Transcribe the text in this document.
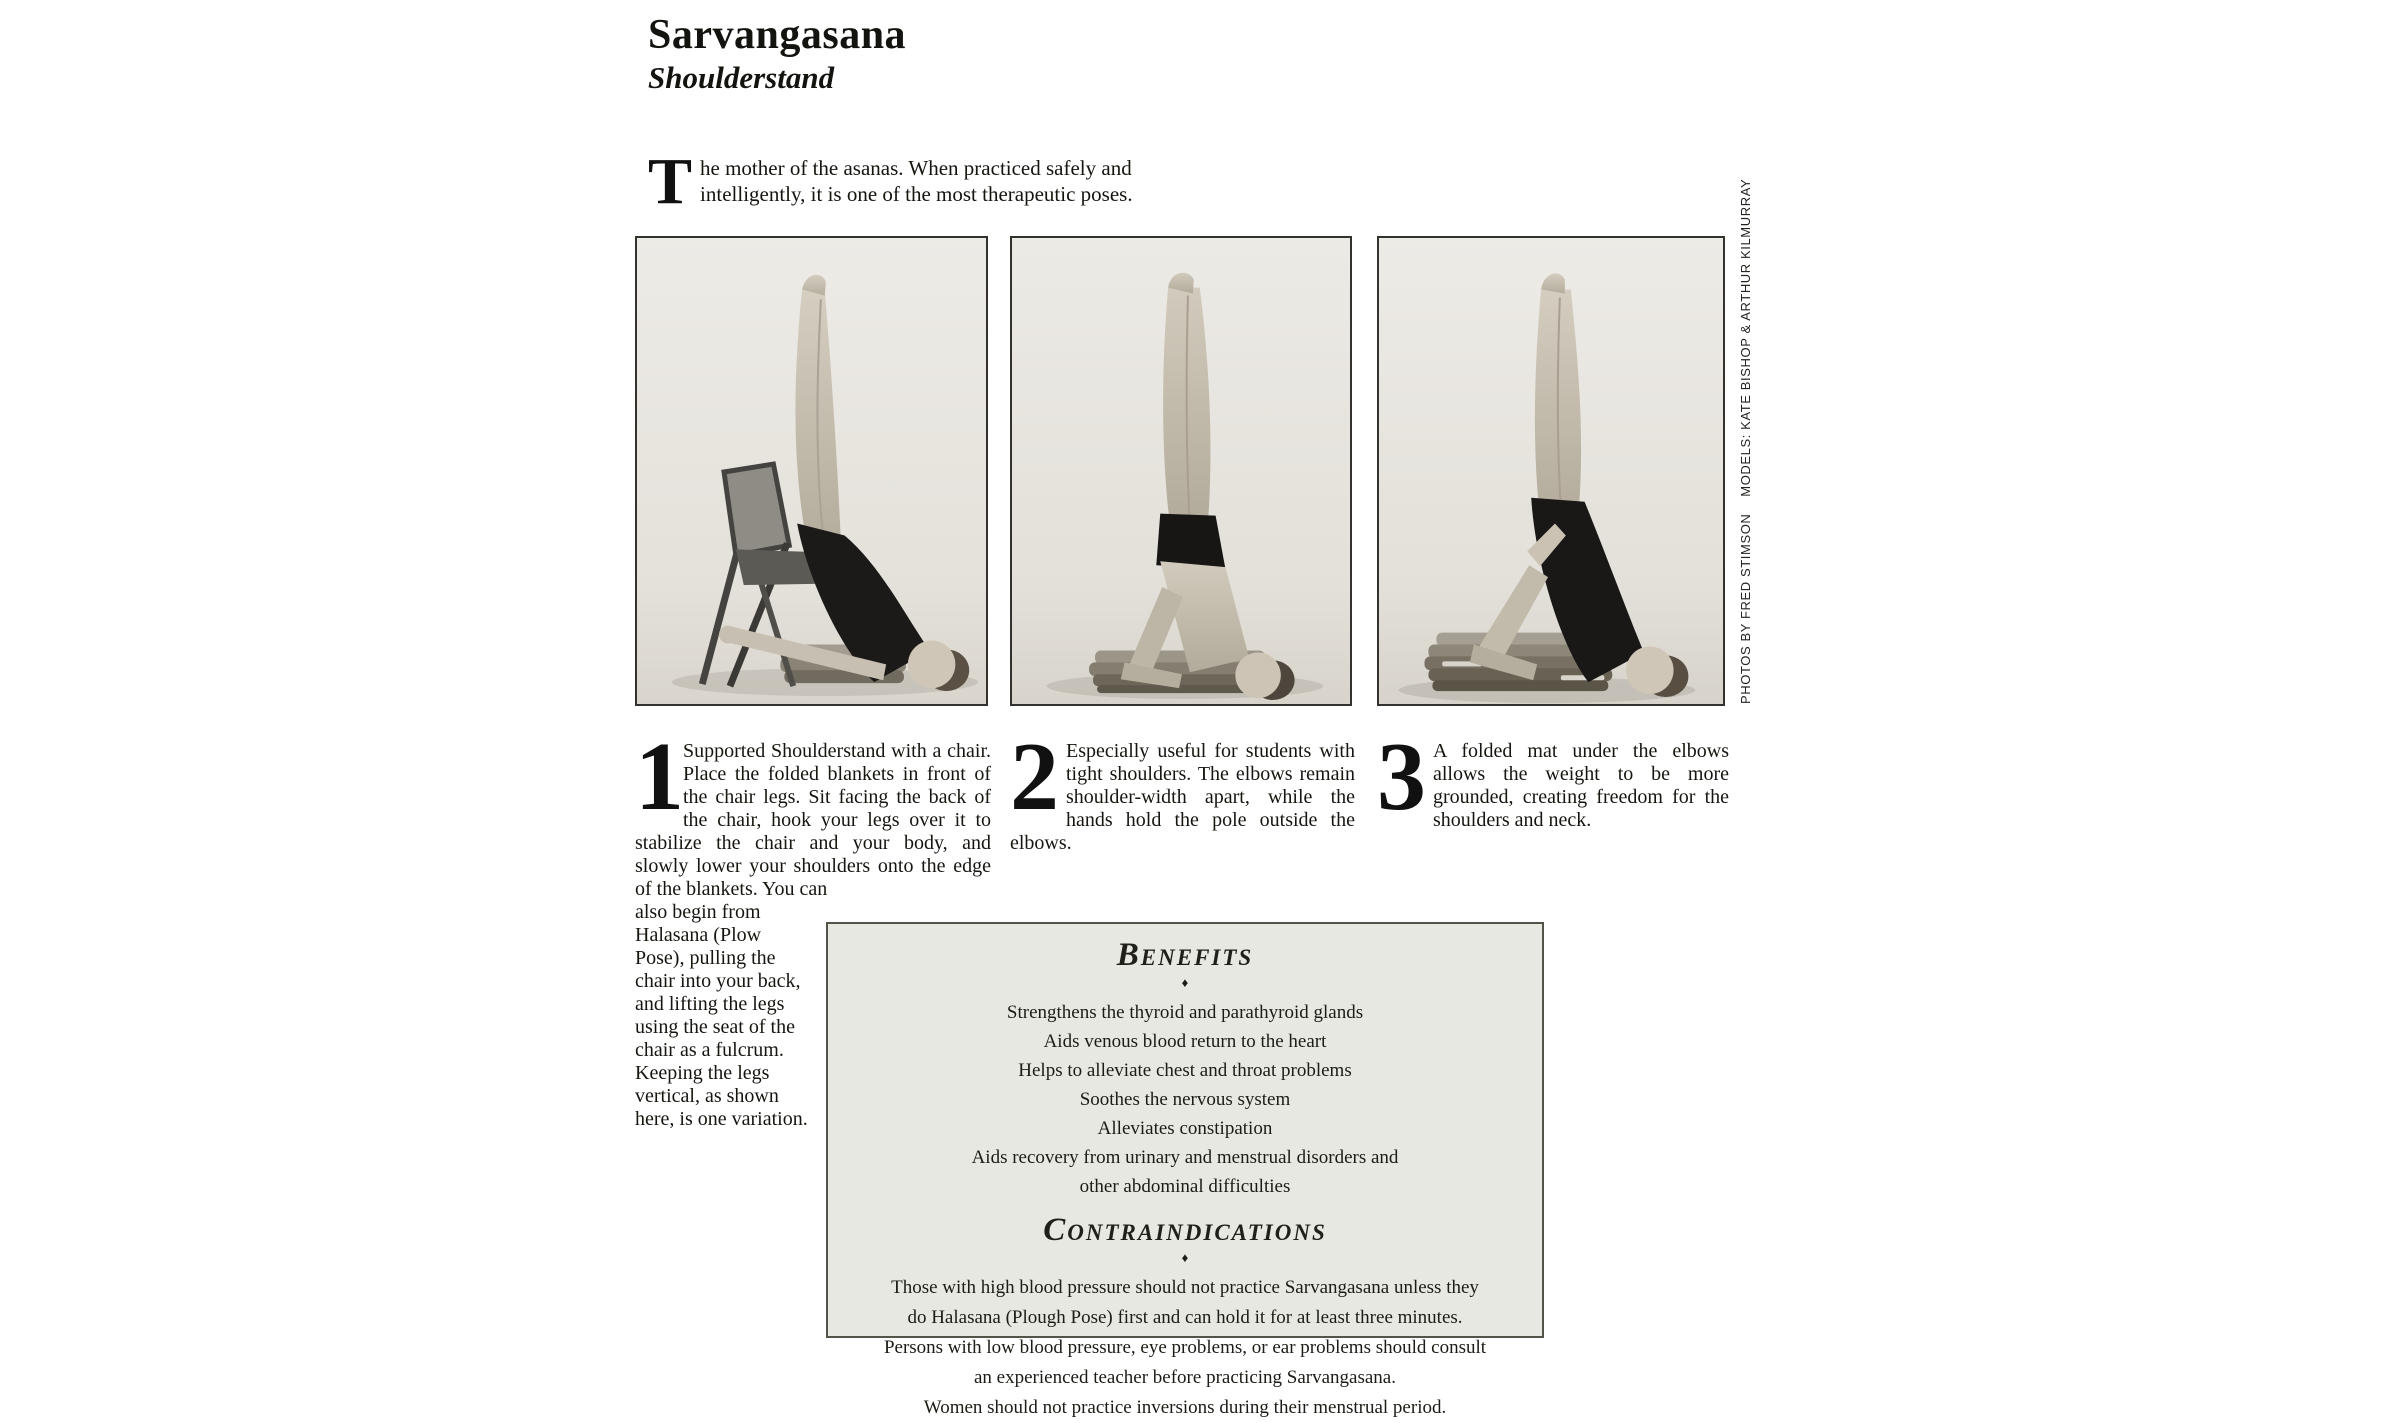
Sarvangasana
Shoulderstand

T he mother of the asanas. When practiced safely and intelligently, it is one of the most therapeutic poses.	PHOTOS BY FRED STIMSON    MODELS: KATE BISHOP & ARTHUR KILMURRAY
1 Supported Shoulderstand with a chair. Place the folded blankets in front of the chair legs. Sit facing the back of the chair, hook your legs over it to stabilize the chair and your body, and slowly lower your shoulders onto the edge of the blankets. You can

also begin from Halasana (Plow Pose), pulling the chair into your back, and lifting the legs using the seat of the chair as a fulcrum. Keeping the legs vertical, as shown here, is one variation.

2 Especially useful for students with tight shoulders. The elbows remain shoulder-width apart, while the hands hold the pole outside the elbows.

3 A folded mat under the elbows allows the weight to be more grounded, creating freedom for the shoulders and neck.

BENEFITS
♦
Strengthens the thyroid and parathyroid glands
Aids venous blood return to the heart
Helps to alleviate chest and throat problems
Soothes the nervous system
Alleviates constipation
Aids recovery from urinary and menstrual disorders and
other abdominal difficulties
CONTRAINDICATIONS
♦
Those with high blood pressure should not practice Sarvangasana unless they
do Halasana (Plough Pose) first and can hold it for at least three minutes.
Persons with low blood pressure, eye problems, or ear problems should consult
an experienced teacher before practicing Sarvangasana.
Women should not practice inversions during their menstrual period.
